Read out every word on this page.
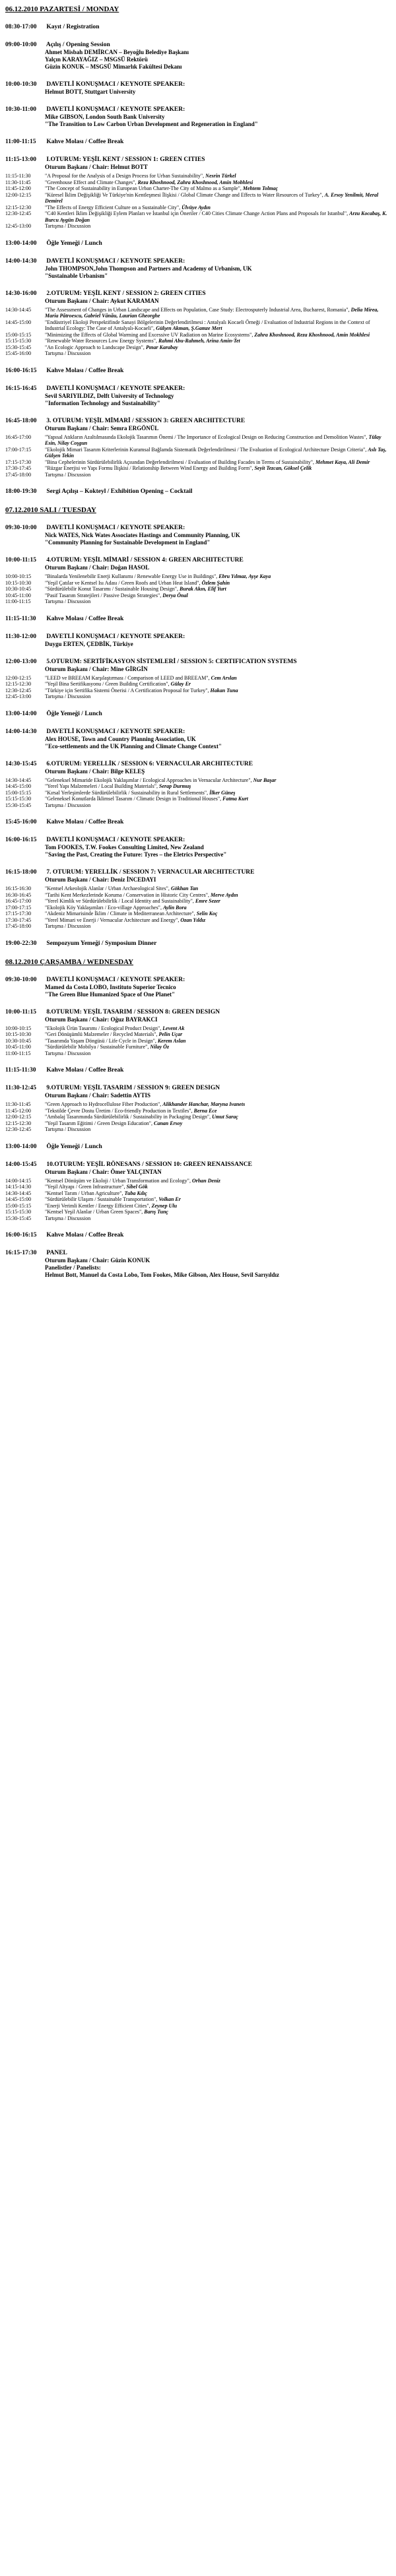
06.12.2010 PAZARTESİ / MONDAY
08:30-17:00 Kayıt / Registration
09:00-10:00 Açılış / Opening Session
Ahmet Misbah DEMİRCAN – Beyoğlu Belediye Başkanı
Yalçın KARAYAĞIZ – MSGSÜ Rektörü
Güzin KONUK – MSGSÜ Mimarlık Fakültesi Dekanı
10:00-10:30 DAVETLİ KONUŞMACI / KEYNOTE SPEAKER:
Helmut BOTT, Stuttgart University
10:30-11:00 DAVETLİ KONUŞMACI / KEYNOTE SPEAKER:
Mike GIBSON, London South Bank University
"The Transition to Low Carbon Urban Development and Regeneration in England"
11:00-11:15 Kahve Molası / Coffee Break
11:15-13:00 I.OTURUM: YEŞİL KENT / SESSION 1: GREEN CITIES
Oturum Başkanı / Chair: Helmut BOTT
11:15-11:30	"A Proposal for the Analysis of a Design Process for Urban Sustainability", Nesrin Türkel
11:30-11:45	"Greenhouse Effect and Climate Changes", Reza Khoshnood, Zahra Khoshnood, Amin Mobhlesi
11:45-12:00	"The Concept of Sustainability in European Urban Charter-The City of Malmo as a Sample", Mehtem Tolmaç
12:00-12:15	"Küresel İklim Değişikliği Ve Türkiye'nin Kentleşmesi İlişkisi / Global Climate Change and Effects to Water Resources of Turkey", A. Ersoy Yenilmit, Meral Demirel
12:15-12:30	"The Effects of Energy Efficient Culture on a Sustainable City", Ülvüye Aydın
12:30-12:45	"C40 Kentleri İklim Değişikliği Eylem Planları ve İstanbul için Öneriler / C40 Cities Climate Change Action Plans and Proposals for Istanbul", Arzu Kocabaş, K. Burcu Aygün Doğan
12:45-13:00	Tartışma / Discussion
13:00-14:00 Öğle Yemeği / Lunch
14:00-14:30 DAVETLİ KONUŞMACI / KEYNOTE SPEAKER:
John THOMPSON,John Thompson and Partners and Academy of Urbanism, UK
"Sustainable Urbanism"
14:30-16:00 2.OTURUM: YEŞİL KENT / SESSION 2: GREEN CITIES
Oturum Başkanı / Chair: Aykut KARAMAN
14:30-14:45	"The Assessment of Changes in Urban Landscape and Effects on Population, Case Study: Electrosputerly Industrial Area, Bucharest, Romania", Delia Mirea, Maria Pătroescu, Gabriel Vânău, Laurian Gheorghe
14:45-15:00	"Endüstriyel Ekoloji Perspektifinde Sanayi Bölgelerinin Değerlendirilmesi : Antalyalı Kocaeli Örneği / Evaluation of Industrial Regions in the Context of Industrial Ecology: The Case of Antalyalı-Kocaeli", Gülşen Akman, Ş.Gamze Mert
15:00-15:15	"Minimizing the Effects of Global Warming and Excessive UV Radiation on Marine Ecosystems", Zahra Khoshnood, Reza Khoshnood, Amin Mokhlesi
15:15-15:30	"Renewable Water Resources Low Energy Systems", Rahmi Abu-Rahmeh, Arina Amin-Tet
15:30-15:45	"An Ecologic Approach to Landscape Design", Pınar Karabay
15:45-16:00	Tartışma / Discussion
16:00-16:15 Kahve Molası / Coffee Break
16:15-16:45 DAVETLİ KONUŞMACI / KEYNOTE SPEAKER:
Sevil SARIYILDIZ, Delft University of Technology
"Information Technology and Sustainability"
16:45-18:00 3. OTURUM: YEŞİL MİMARİ / SESSION 3: GREEN ARCHITECTURE
Oturum Başkanı / Chair: Semra ERGÖNÜL
16:45-17:00	"Yapısal Atıkların Azaltılmasında Ekolojik Tasarımın Önemi / The Importance of Ecological Design on Reducing Construction and Demolition Wastes", Tülay Esin, Nilay Coşgun
17:00-17:15	"Ekolojik Mimari Tasarım Kriterlerinin Kuramsal Bağlamda Sistematik Değerlendirilmesi / The Evaluation of Ecological Architecture Design Criteria", Aslı Taş, Gülşen Tekin
17:15-17:30	"Bina Cephelerinin Sürdürülebilirlik Açısından Değerlendirilmesi / Evaluation of Building Facades in Terms of Sustainability", Mehmet Kaya, Ali Demir
17:30-17:45	"Rüzgar Enerjisi ve Yapı Formu İlişkisi / Relationship Between Wind Energy and Building Form", Seyit Tezcan, Göksel Çelik
17:45-18:00	Tartışma / Discussion
18:00-19:30 Sergi Açılışı – Kokteyl / Exhibition Opening – Cocktail
07.12.2010 SALI / TUESDAY
09:30-10:00 DAVETLİ KONUŞMACI / KEYNOTE SPEAKER:
Nick WATES, Nick Wates Associates Hastings and Community Planning, UK
"Community Planning for Sustainable Development in England"
10:00-11:15 4.OTURUM: YEŞİL MİMARİ / SESSION 4: GREEN ARCHITECTURE
Oturum Başkanı / Chair: Doğan HASOL
10:00-10:15	"Binalarda Yenilenebilir Enerji Kullanımı / Renewable Energy Use in Buildings", Ebru Yılmaz, Ayşe Kaya
10:15-10:30	"Yeşil Çatılar ve Kentsel Isı Adası / Green Roofs and Urban Heat Island", Özlem Şahin
10:30-10:45	"Sürdürülebilir Konut Tasarımı / Sustainable Housing Design", Burak Akın, Elif Yurt
10:45-11:00	"Pasif Tasarım Stratejileri / Passive Design Strategies", Derya Önal
11:00-11:15	Tartışma / Discussion
11:15-11:30 Kahve Molası / Coffee Break
11:30-12:00 DAVETLİ KONUŞMACI / KEYNOTE SPEAKER:
Duygu ERTEN, ÇEDBİK, Türkiye
12:00-13:00 5.OTURUM: SERTİFİKASYON SİSTEMLERİ / SESSION 5: CERTIFICATION SYSTEMS
Oturum Başkanı / Chair: Mine GİRGİN
12:00-12:15	"LEED ve BREEAM Karşılaştırması / Comparison of LEED and BREEAM", Cem Arslan
12:15-12:30	"Yeşil Bina Sertifikasyonu / Green Building Certification", Gülay Er
12:30-12:45	"Türkiye için Sertifika Sistemi Önerisi / A Certification Proposal for Turkey", Hakan Tuna
12:45-13:00	Tartışma / Discussion
13:00-14:00 Öğle Yemeği / Lunch
14:00-14:30 DAVETLİ KONUŞMACI / KEYNOTE SPEAKER:
Alex HOUSE, Town and Country Planning Association, UK
"Eco-settlements and the UK Planning and Climate Change Context"
14:30-15:45 6.OTURUM: YERELLİK / SESSION 6: VERNACULAR ARCHITECTURE
Oturum Başkanı / Chair: Bilge KELEŞ
14:30-14:45	"Geleneksel Mimaride Ekolojik Yaklaşımlar / Ecological Approaches in Vernacular Architecture", Nur Başar
14:45-15:00	"Yerel Yapı Malzemeleri / Local Building Materials", Serap Durmuş
15:00-15:15	"Kırsal Yerleşimlerde Sürdürülebilirlik / Sustainability in Rural Settlements", İlker Güneş
15:15-15:30	"Geleneksel Konutlarda İklimsel Tasarım / Climatic Design in Traditional Houses", Fatma Kurt
15:30-15:45	Tartışma / Discussion
15:45-16:00 Kahve Molası / Coffee Break
16:00-16:15 DAVETLİ KONUŞMACI / KEYNOTE SPEAKER:
Tom FOOKES, T.W. Fookes Consulting Limited, New Zealand
"Saving the Past, Creating the Future: Tyres – the Eletrics Perspective"
16:15-18:00 7. OTURUM: YERELLİK / SESSION 7: VERNACULAR ARCHITECTURE
Oturum Başkanı / Chair: Deniz İNCEDAYI
16:15-16:30	"Kentsel Arkeolojik Alanlar / Urban Archaeological Sites", Gökhan Tan
16:30-16:45	"Tarihi Kent Merkezlerinde Koruma / Conservation in Historic City Centres", Merve Aydın
16:45-17:00	"Yerel Kimlik ve Sürdürülebilirlik / Local Identity and Sustainability", Emre Sezer
17:00-17:15	"Ekolojik Köy Yaklaşımları / Eco-village Approaches", Aylin Bora
17:15-17:30	"Akdeniz Mimarisinde İklim / Climate in Mediterranean Architecture", Selin Koç
17:30-17:45	"Yerel Mimari ve Enerji / Vernacular Architecture and Energy", Ozan Yıldız
17:45-18:00	Tartışma / Discussion
19:00-22:30 Sempozyum Yemeği / Symposium Dinner
08.12.2010 ÇARŞAMBA / WEDNESDAY
09:30-10:00 DAVETLİ KONUŞMACI / KEYNOTE SPEAKER:
Mamed da Costa LOBO, Instituto Superior Tecnico
"The Green Blue Humanized Space of One Planet"
10:00-11:15 8.OTURUM: YEŞİL TASARIM / SESSION 8: GREEN DESIGN
Oturum Başkanı / Chair: Oğuz BAYRAKCI
10:00-10:15	"Ekolojik Ürün Tasarımı / Ecological Product Design", Levent Ak
10:15-10:30	"Geri Dönüşümlü Malzemeler / Recycled Materials", Pelin Uçar
10:30-10:45	"Tasarımda Yaşam Döngüsü / Life Cycle in Design", Kerem Aslan
10:45-11:00	"Sürdürülebilir Mobilya / Sustainable Furniture", Nilay Öz
11:00-11:15	Tartışma / Discussion
11:15-11:30 Kahve Molası / Coffee Break
11:30-12:45 9.OTURUM: YEŞİL TASARIM / SESSION 9: GREEN DESIGN
Oturum Başkanı / Chair: Sadettin AYTIS
11:30-11:45	"Green Approach to Hydrocellulose Fiber Production", Alikhander Hanchar, Maryna Ivanets
11:45-12:00	"Tekstilde Çevre Dostu Üretim / Eco-friendly Production in Textiles", Berna Ece
12:00-12:15	"Ambalaj Tasarımında Sürdürülebilirlik / Sustainability in Packaging Design", Umut Saraç
12:15-12:30	"Yeşil Tasarım Eğitimi / Green Design Education", Canan Ersoy
12:30-12:45	Tartışma / Discussion
13:00-14:00 Öğle Yemeği / Lunch
14:00-15:45 10.OTURUM: YEŞİL RÖNESANS / SESSION 10: GREEN RENAISSANCE
Oturum Başkanı / Chair: Ömer YALÇINTAN
14:00-14:15	"Kentsel Dönüşüm ve Ekoloji / Urban Transformation and Ecology", Orhan Deniz
14:15-14:30	"Yeşil Altyapı / Green Infrastructure", Sibel Gök
14:30-14:45	"Kentsel Tarım / Urban Agriculture", Tuba Kılıç
14:45-15:00	"Sürdürülebilir Ulaşım / Sustainable Transportation", Volkan Er
15:00-15:15	"Enerji Verimli Kentler / Energy Efficient Cities", Zeynep Ulu
15:15-15:30	"Kentsel Yeşil Alanlar / Urban Green Spaces", Barış Tunç
15:30-15:45	Tartışma / Discussion
16:00-16:15 Kahve Molası / Coffee Break
16:15-17:30 PANEL
Oturum Başkanı / Chair: Güzin KONUK
Panelistler / Panelists:
Helmut Bott, Manuel da Costa Lobo, Tom Fookes, Mike Gibson, Alex House, Sevil Sarıyıldız
